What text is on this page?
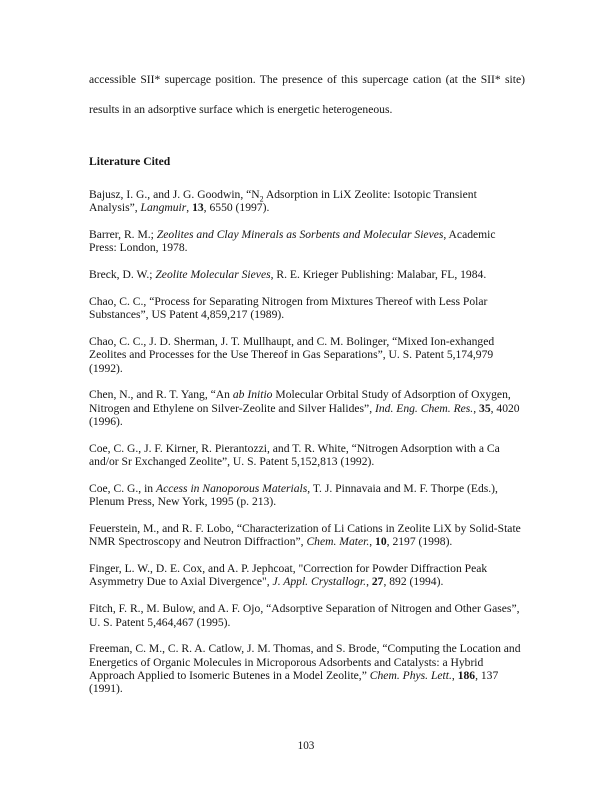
accessible SII* supercage position. The presence of this supercage cation (at the SII* site) results in an adsorptive surface which is energetic heterogeneous.

Literature Cited

Bajusz, I. G., and J. G. Goodwin, “$N_2$ Adsorption in LiX Zeolite: Isotopic Transient Analysis”, Langmuir, 13, 6550 (1997).

Barrer, R. M.; Zeolites and Clay Minerals as Sorbents and Molecular Sieves, Academic Press: London, 1978.

Breck, D. W.; Zeolite Molecular Sieves, R. E. Krieger Publishing: Malabar, FL, 1984.

Chao, C. C., “Process for Separating Nitrogen from Mixtures Thereof with Less Polar Substances”, US Patent 4,859,217 (1989).

Chao, C. C., J. D. Sherman, J. T. Mullhaupt, and C. M. Bolinger, “Mixed Ion-exhanged Zeolites and Processes for the Use Thereof in Gas Separations”, U. S. Patent 5,174,979 (1992).

Chen, N., and R. T. Yang, “An ab Initio Molecular Orbital Study of Adsorption of Oxygen, Nitrogen and Ethylene on Silver-Zeolite and Silver Halides”, Ind. Eng. Chem. Res., 35, 4020 (1996).

Coe, C. G., J. F. Kirner, R. Pierantozzi, and T. R. White, “Nitrogen Adsorption with a Ca and/or Sr Exchanged Zeolite”, U. S. Patent 5,152,813 (1992).

Coe, C. G., in Access in Nanoporous Materials, T. J. Pinnavaia and M. F. Thorpe (Eds.), Plenum Press, New York, 1995 (p. 213).

Feuerstein, M., and R. F. Lobo, “Characterization of Li Cations in Zeolite LiX by Solid-State NMR Spectroscopy and Neutron Diffraction”, Chem. Mater., 10, 2197 (1998).

Finger, L. W., D. E. Cox, and A. P. Jephcoat, "Correction for Powder Diffraction Peak Asymmetry Due to Axial Divergence", J. Appl. Crystallogr., 27, 892 (1994).

Fitch, F. R., M. Bulow, and A. F. Ojo, “Adsorptive Separation of Nitrogen and Other Gases”, U. S. Patent 5,464,467 (1995).

Freeman, C. M., C. R. A. Catlow, J. M. Thomas, and S. Brode, “Computing the Location and Energetics of Organic Molecules in Microporous Adsorbents and Catalysts: a Hybrid Approach Applied to Isomeric Butenes in a Model Zeolite,” Chem. Phys. Lett., 186, 137 (1991).

103
